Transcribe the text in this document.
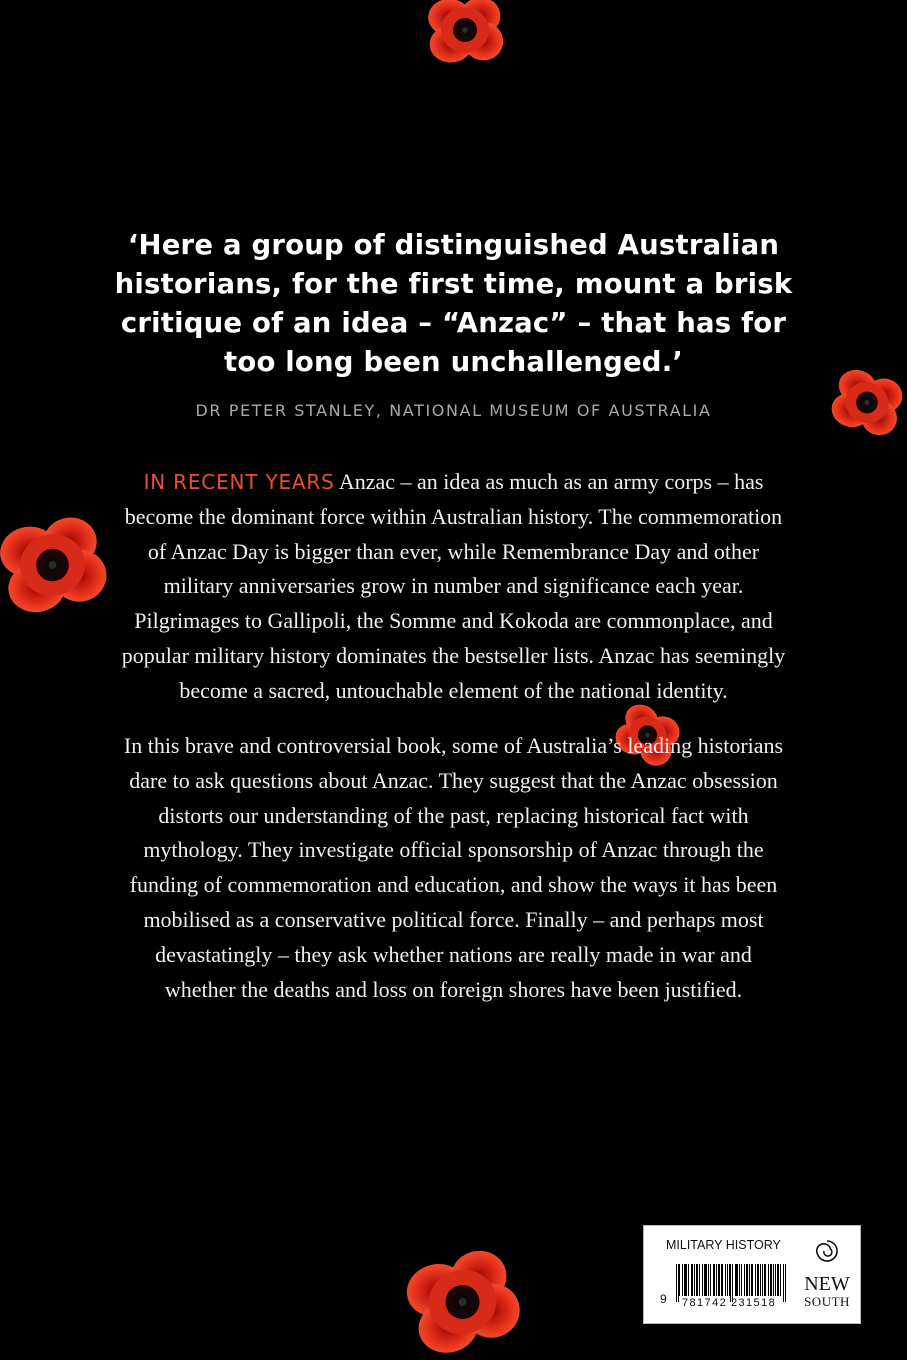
‘Here a group of distinguished Australian
historians, for the first time, mount a brisk
critique of an idea – “Anzac” – that has for
too long been unchallenged.’
DR PETER STANLEY, NATIONAL MUSEUM OF AUSTRALIA
IN RECENT YEARS Anzac – an idea as much as an army corps – has
become the dominant force within Australian history. The commemoration
of Anzac Day is bigger than ever, while Remembrance Day and other
military anniversaries grow in number and significance each year.
Pilgrimages to Gallipoli, the Somme and Kokoda are commonplace, and
popular military history dominates the bestseller lists. Anzac has seemingly
become a sacred, untouchable element of the national identity.
In this brave and controversial book, some of Australia’s leading historians
dare to ask questions about Anzac. They suggest that the Anzac obsession
distorts our understanding of the past, replacing historical fact with
mythology. They investigate official sponsorship of Anzac through the
funding of commemoration and education, and show the ways it has been
mobilised as a conservative political force. Finally – and perhaps most
devastatingly – they ask whether nations are really made in war and
whether the deaths and loss on foreign shores have been justified.
MILITARY HISTORY
9 781742 231518
NEW
SOUTH
